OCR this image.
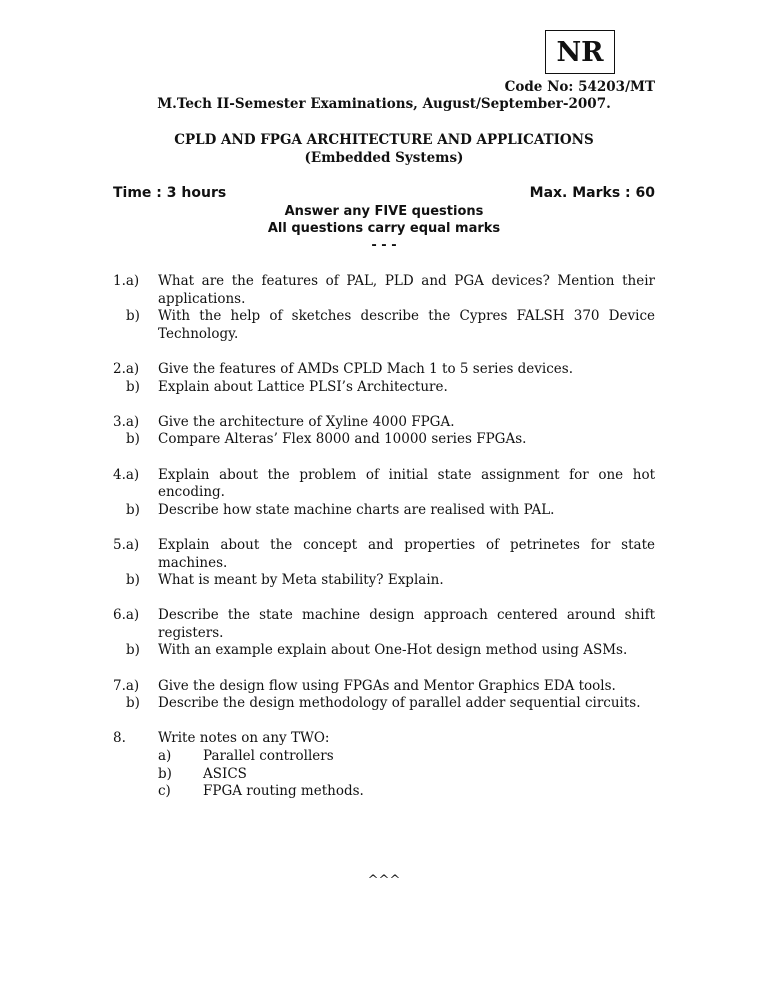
NR
Code No: 54203/MT
M.Tech II-Semester Examinations, August/September-2007.
CPLD AND FPGA ARCHITECTURE AND APPLICATIONS
(Embedded Systems)
Time : 3 hours	Max. Marks : 60
Answer any FIVE questions
All questions carry equal marks
- - -
1.a)	What are the features of PAL, PLD and PGA devices? Mention their applications.
b)	With the help of sketches describe the Cypres FALSH 370 Device Technology.
2.a)	Give the features of AMDs CPLD Mach 1 to 5 series devices.
b)	Explain about Lattice PLSI’s Architecture.
3.a)	Give the architecture of Xyline 4000 FPGA.
b)	Compare Alteras’ Flex 8000 and 10000 series FPGAs.
4.a)	Explain about the problem of initial state assignment for one hot encoding.
b)	Describe how state machine charts are realised with PAL.
5.a)	Explain about the concept and properties of petrinetes for state machines.
b)	What is meant by Meta stability? Explain.
6.a)	Describe the state machine design approach centered around shift registers.
b)	With an example explain about One-Hot design method using ASMs.
7.a)	Give the design flow using FPGAs and Mentor Graphics EDA tools.
b)	Describe the design methodology of parallel adder sequential circuits.
8.	Write notes on any TWO:
a)	Parallel controllers
b)	ASICS
c)	FPGA routing methods.
^^^
